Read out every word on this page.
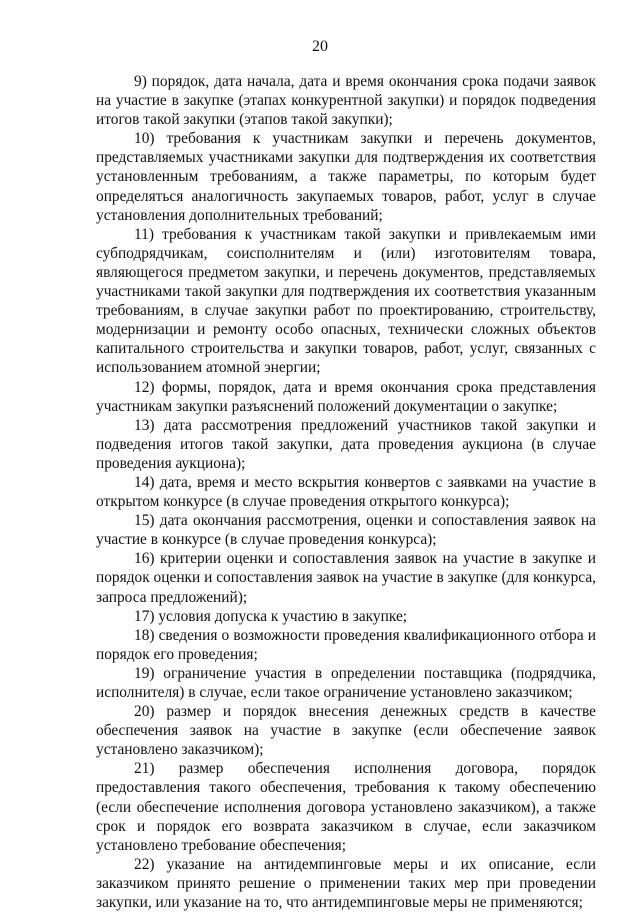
20

9) порядок, дата начала, дата и время окончания срока подачи заявок на участие в закупке (этапах конкурентной закупки) и порядок подведения итогов такой закупки (этапов такой закупки);

10) требования к участникам закупки и перечень документов, представляемых участниками закупки для подтверждения их соответствия установленным требованиям, а также параметры, по которым будет определяться аналогичность закупаемых товаров, работ, услуг в случае установления дополнительных требований;

11) требования к участникам такой закупки и привлекаемым ими субподрядчикам, соисполнителям и (или) изготовителям товара, являющегося предметом закупки, и перечень документов, представляемых участниками такой закупки для подтверждения их соответствия указанным требованиям, в случае закупки работ по проектированию, строительству, модернизации и ремонту особо опасных, технически сложных объектов капитального строительства и закупки товаров, работ, услуг, связанных с использованием атомной энергии;

12) формы, порядок, дата и время окончания срока представления участникам закупки разъяснений положений документации о закупке;

13) дата рассмотрения предложений участников такой закупки и подведения итогов такой закупки, дата проведения аукциона (в случае проведения аукциона);

14) дата, время и место вскрытия конвертов с заявками на участие в открытом конкурсе (в случае проведения открытого конкурса);

15) дата окончания рассмотрения, оценки и сопоставления заявок на участие в конкурсе (в случае проведения конкурса);

16) критерии оценки и сопоставления заявок на участие в закупке и порядок оценки и сопоставления заявок на участие в закупке (для конкурса, запроса предложений);

17) условия допуска к участию в закупке;

18) сведения о возможности проведения квалификационного отбора и порядок его проведения;

19) ограничение участия в определении поставщика (подрядчика, исполнителя) в случае, если такое ограничение установлено заказчиком;

20) размер и порядок внесения денежных средств в качестве обеспечения заявок на участие в закупке (если обеспечение заявок установлено заказчиком);

21) размер обеспечения исполнения договора, порядок предоставления такого обеспечения, требования к такому обеспечению (если обеспечение исполнения договора установлено заказчиком), а также срок и порядок его возврата заказчиком в случае, если заказчиком установлено требование обеспечения;

22) указание на антидемпинговые меры и их описание, если заказчиком принято решение о применении таких мер при проведении закупки, или указание на то, что антидемпинговые меры не применяются;
